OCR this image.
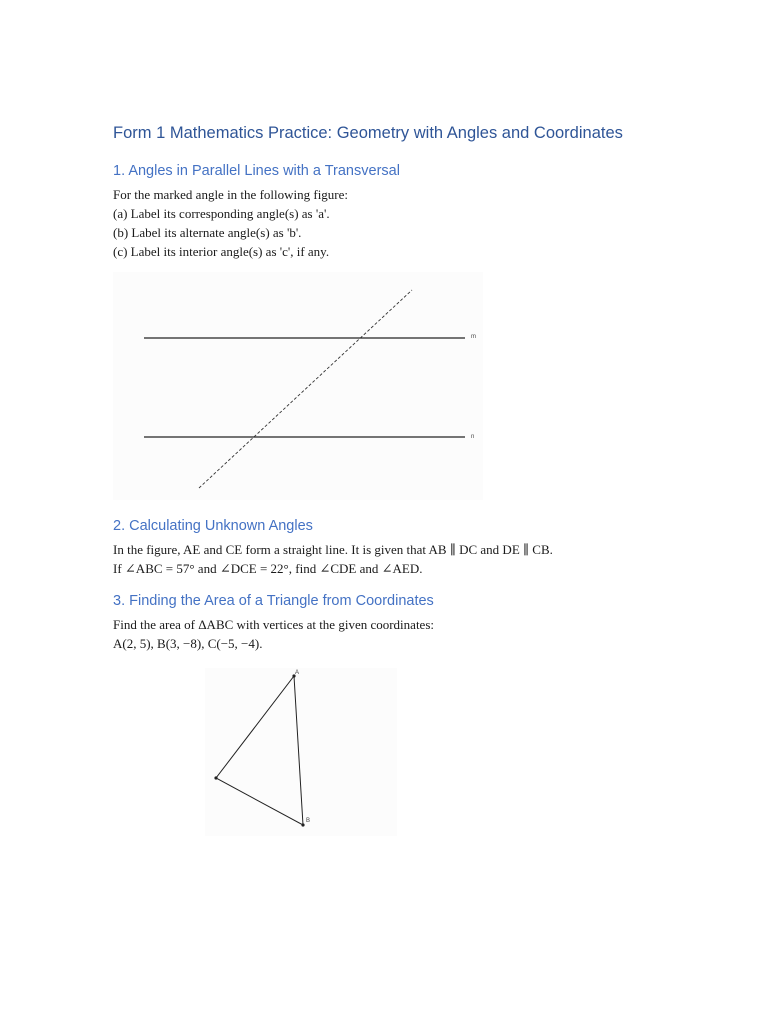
Form 1 Mathematics Practice: Geometry with Angles and Coordinates
1. Angles in Parallel Lines with a Transversal
For the marked angle in the following figure:
(a) Label its corresponding angle(s) as 'a'.
(b) Label its alternate angle(s) as 'b'.
(c) Label its interior angle(s) as 'c', if any.
m
n
2. Calculating Unknown Angles
In the figure, AE and CE form a straight line. It is given that AB ∥ DC and DE ∥ CB.
If ∠ABC = 57° and ∠DCE = 22°, find ∠CDE and ∠AED.
3. Finding the Area of a Triangle from Coordinates
Find the area of ΔABC with vertices at the given coordinates:
A(2, 5), B(3, −8), C(−5, −4).
A
B
